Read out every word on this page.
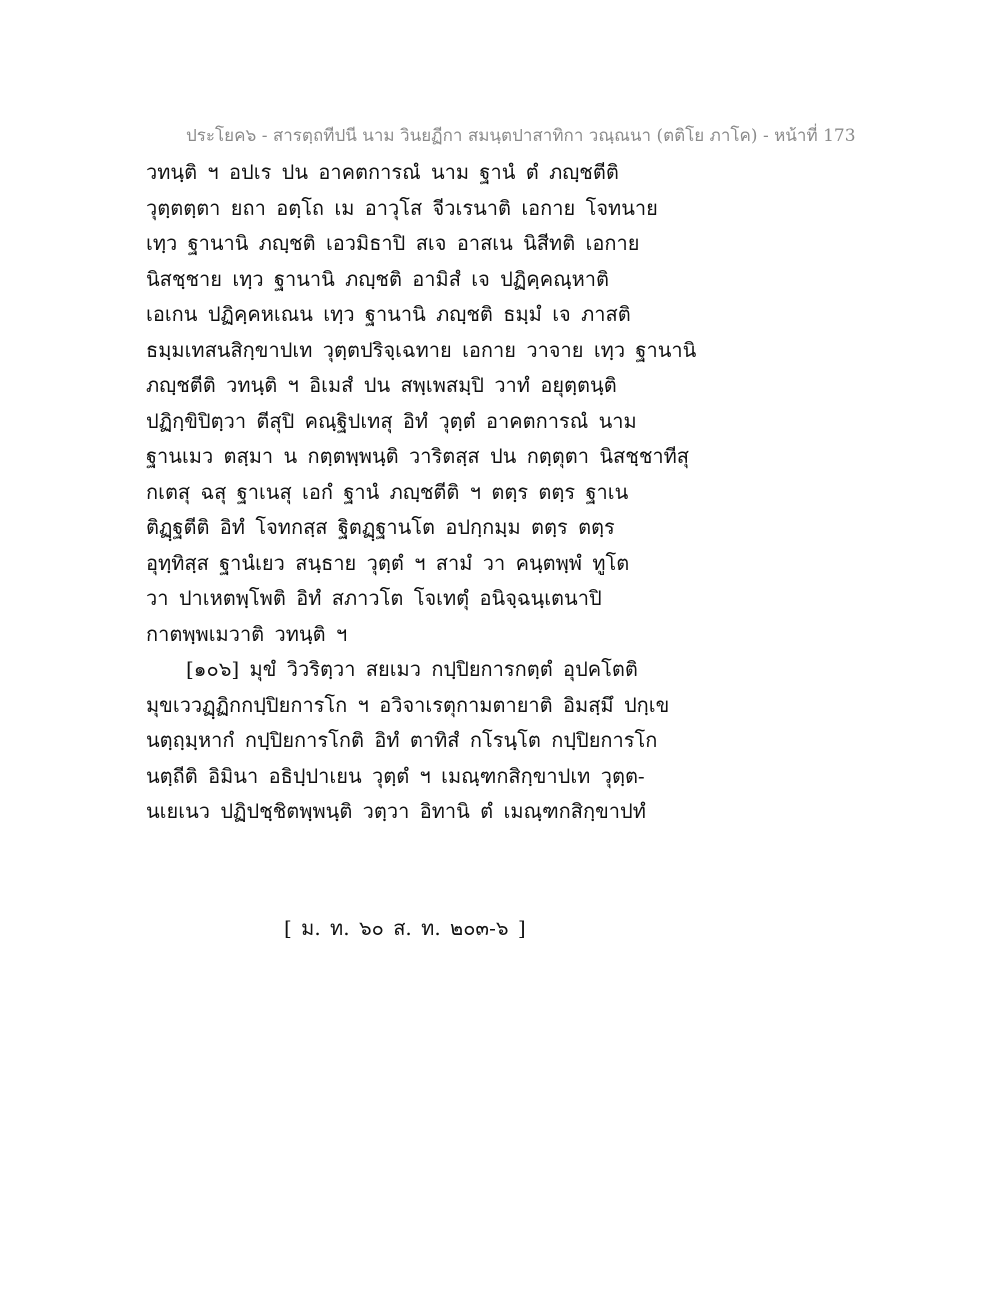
ประโยค๖ - สารตฺถทีปนี นาม วินยฏีกา สมนฺตปาสาทิกา วณฺณนา (ตติโย ภาโค) - หน้าที่ 173
วทนฺติ ฯ อปเร ปน อาคตการณํ นาม ฐานํ ตํ ภญฺชตีติ
วุตฺตตฺตา ยถา อตฺโถ เม อาวุโส จีวเรนาติ เอกาย โจทนาย
เทฺว ฐานานิ ภญฺชติ เอวมิธาปิ สเจ อาสเน นิสีทติ เอกาย
นิสชฺชาย เทฺว ฐานานิ ภญฺชติ อามิสํ เจ ปฏิคฺคณฺหาติ
เอเกน ปฏิคฺคหเณน เทฺว ฐานานิ ภญฺชติ ธมฺมํ เจ ภาสติ
ธมฺมเทสนสิกฺขาปเท วุตฺตปริจฺเฉทาย เอกาย วาจาย เทฺว ฐานานิ
ภญฺชตีติ วทนฺติ ฯ อิเมสํ ปน สพฺเพสมฺปิ วาทํ อยุตฺตนฺติ
ปฏิกฺขิปิตฺวา ตีสุปิ คณฺฐิปเทสุ อิทํ วุตฺตํ อาคตการณํ นาม
ฐานเมว ตสฺมา น กตฺตพฺพนฺติ วาริตสฺส ปน กตฺตุตา นิสชฺชาทีสุ
กเตสุ ฉสุ ฐาเนสุ เอกํ ฐานํ ภญฺชตีติ ฯ ตตฺร ตตฺร ฐาเน
ติฏฺฐตีติ อิทํ โจทกสฺส ฐิตฏฺฐานโต อปกฺกมฺม ตตฺร ตตฺร
อุทฺทิสฺส ฐานํเยว สนฺธาย วุตฺตํ ฯ สามํ วา คนฺตพฺพํ ทูโต
วา ปาเหตพฺโพติ อิทํ สภาวโต โจเทตุํ อนิจฺฉนฺเตนาปิ
กาตพฺพเมวาติ วทนฺติ ฯ
[๑๐๖] มุขํ วิวริตฺวา สยเมว กปฺปิยการกตฺตํ อุปคโตติ
มุขเววฏฺฏิกกปฺปิยการโก ฯ อวิจาเรตุกามตายาติ อิมสฺมึ ปกฺเข
นตฺถฺมฺหากํ กปฺปิยการโกติ อิทํ ตาทิสํ กโรนฺโต กปฺปิยการโก
นตฺถีติ อิมินา อธิปฺปาเยน วุตฺตํ ฯ เมณฺฑกสิกฺขาปเท วุตฺต-
นเยเนว ปฏิปชฺชิตพฺพนฺติ วตฺวา อิทานิ ตํ เมณฺฑกสิกฺขาปทํ
[ ม. ท. ๖๐ ส. ท. ๒๐๓-๖ ]
